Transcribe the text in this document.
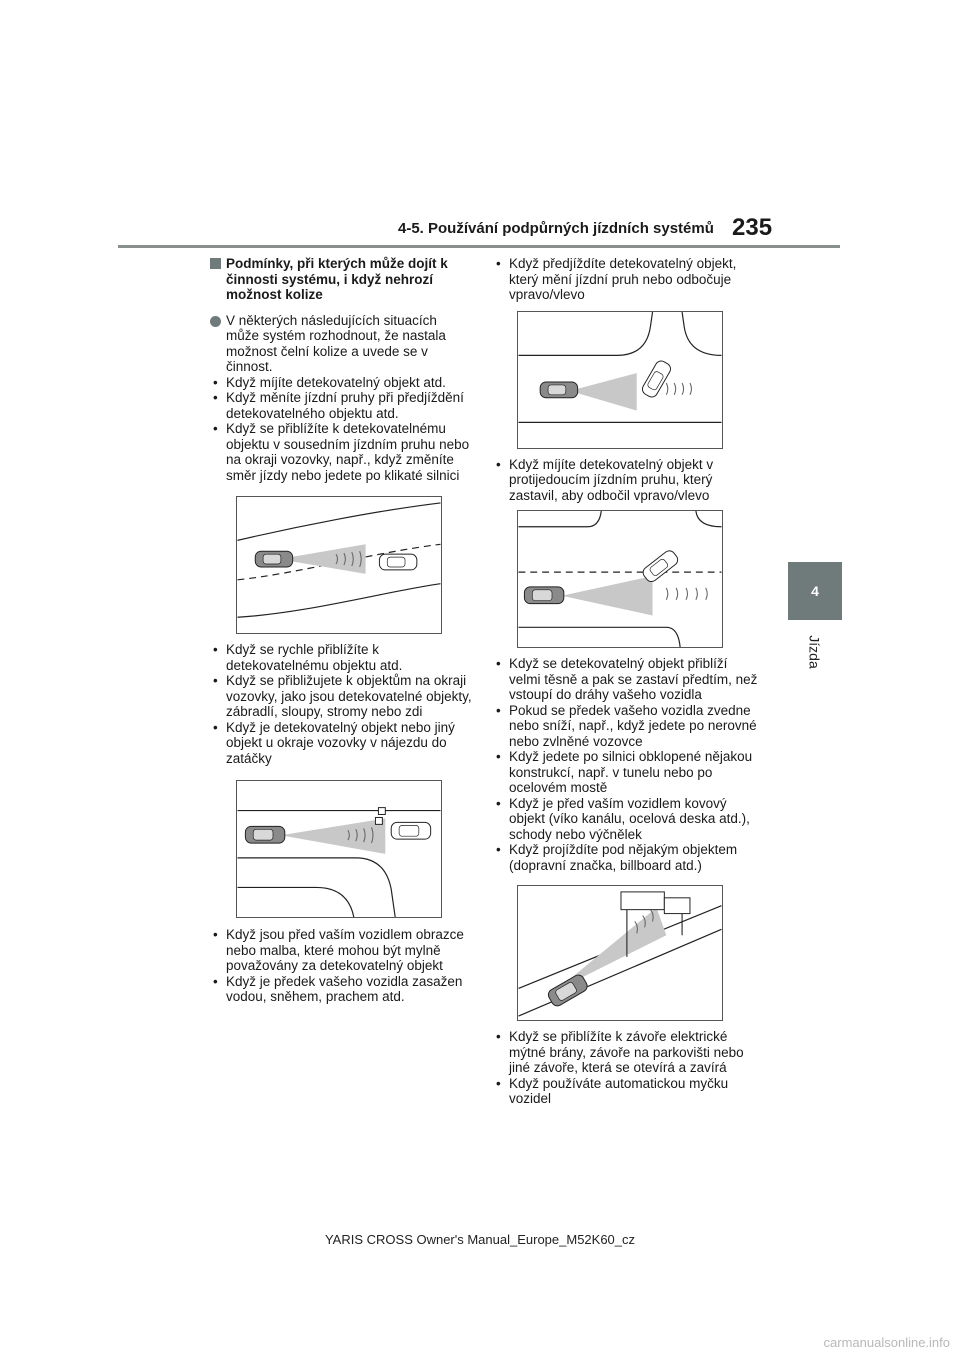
4-5. Používání podpůrných jízdních systémů 235
4
Jízda
Podmínky, při kterých může dojít k činnosti systému, i když nehrozí možnost kolize
V některých následujících situacích může systém rozhodnout, že nastala možnost čelní kolize a uvede se v činnost.
• Když míjíte detekovatelný objekt atd.
• Když měníte jízdní pruhy při předjíždění detekovatelného objektu atd.
• Když se přiblížíte k detekovatelnému objektu v sousedním jízdním pruhu nebo na okraji vozovky, např., když změníte směr jízdy nebo jedete po klikaté silnici
• Když se rychle přiblížíte k detekovatelnému objektu atd.
• Když se přibližujete k objektům na okraji vozovky, jako jsou detekovatelné objekty, zábradlí, sloupy, stromy nebo zdi
• Když je detekovatelný objekt nebo jiný objekt u okraje vozovky v nájezdu do zatáčky
• Když jsou před vaším vozidlem obrazce nebo malba, které mohou být mylně považovány za detekovatelný objekt
• Když je předek vašeho vozidla zasažen vodou, sněhem, prachem atd.
• Když předjíždíte detekovatelný objekt, který mění jízdní pruh nebo odbočuje vpravo/vlevo
• Když míjíte detekovatelný objekt v protijedoucím jízdním pruhu, který zastavil, aby odbočil vpravo/vlevo
• Když se detekovatelný objekt přiblíží velmi těsně a pak se zastaví předtím, než vstoupí do dráhy vašeho vozidla
• Pokud se předek vašeho vozidla zvedne nebo sníží, např., když jedete po nerovné nebo zvlněné vozovce
• Když jedete po silnici obklopené nějakou konstrukcí, např. v tunelu nebo po ocelovém mostě
• Když je před vaším vozidlem kovový objekt (víko kanálu, ocelová deska atd.), schody nebo výčnělek
• Když projíždíte pod nějakým objektem (dopravní značka, billboard atd.)
• Když se přiblížíte k závoře elektrické mýtné brány, závoře na parkovišti nebo jiné závoře, která se otevírá a zavírá
• Když používáte automatickou myčku vozidel
YARIS CROSS Owner's Manual_Europe_M52K60_cz
carmanualsonline.info
